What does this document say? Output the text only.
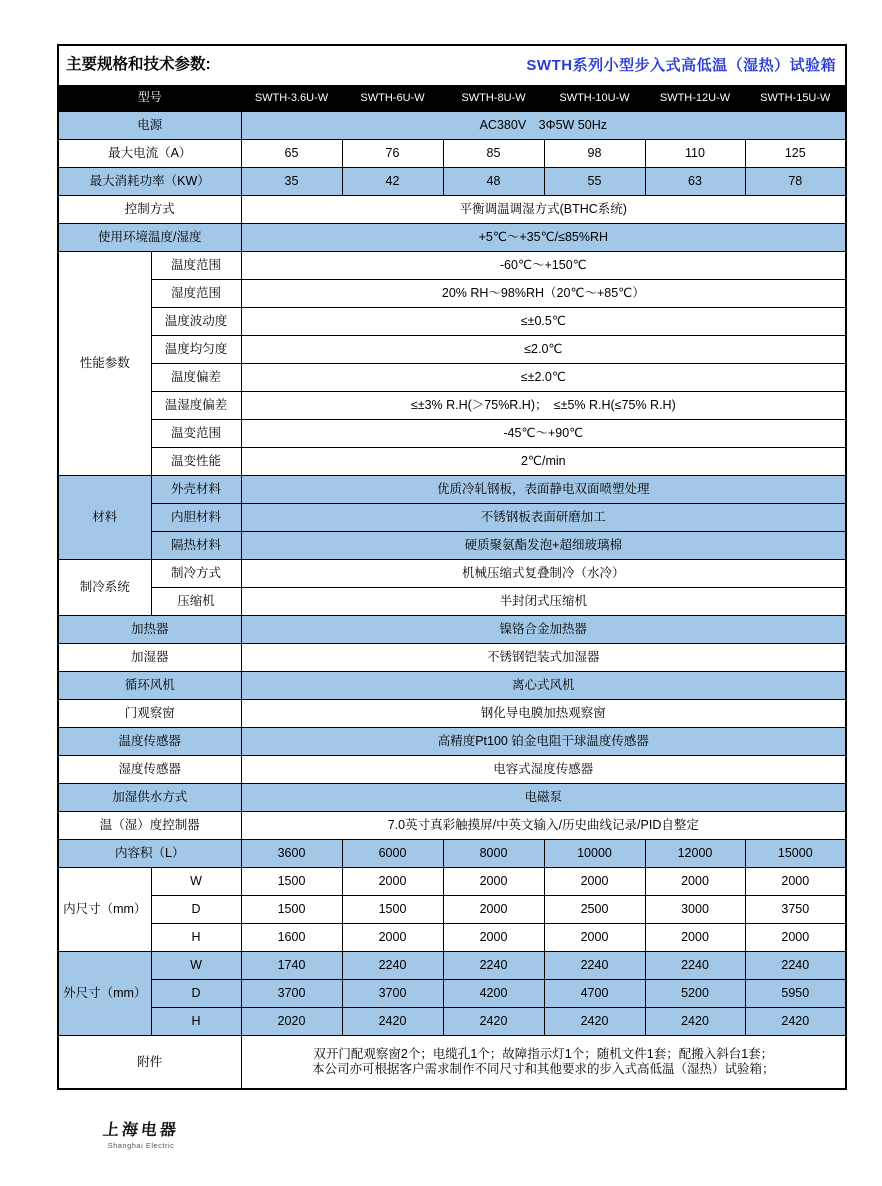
主要规格和技术参数: SWTH系列小型步入式高低温（湿热）试验箱							

型号		SWTH-3.6U-W	SWTH-6U-W	SWTH-8U-W	SWTH-10U-W	SWTH-12U-W	SWTH-15U-W
电源		AC380V　3Φ5W 50Hz					
最大电流（A）		65	76	85	98	110	125
最大消耗功率（KW）		35	42	48	55	63	78
控制方式		平衡调温调湿方式(BTHC系统)					
使用环境温度/湿度		+5℃～+35℃/≤85%RH					
性能参数	温度范围	-60℃～+150℃					
	湿度范围	20% RH～98%RH（20℃～+85℃）					
	温度波动度	≤±0.5℃					
	温度均匀度	≤2.0℃					
	温度偏差	≤±2.0℃					
	温湿度偏差	≤±3% R.H(＞75%R.H)；　≤±5% R.H(≤75% R.H)					
	温变范围	-45℃～+90℃					
	温变性能	2℃/min					
材料	外壳材料	优质冷轧钢板，表面静电双面喷塑处理					
	内胆材料	不锈钢板表面研磨加工					
	隔热材料	硬质聚氨酯发泡+超细玻璃棉					
制冷系统	制冷方式	机械压缩式复叠制冷（水冷）					
	压缩机	半封闭式压缩机					
加热器		镍铬合金加热器					
加湿器		不锈钢铠装式加湿器					
循环风机		离心式风机					
门观察窗		钢化导电膜加热观察窗					
温度传感器		高精度Pt100 铂金电阻干球温度传感器					
湿度传感器		电容式湿度传感器					
加湿供水方式		电磁泵					
温（湿）度控制器		7.0英寸真彩触摸屏/中英文输入/历史曲线记录/PID自整定					
内容积（L）		3600	6000	8000	10000	12000	15000
内尺寸（mm）	W	1500	2000	2000	2000	2000	2000
	D	1500	1500	2000	2500	3000	3750
	H	1600	2000	2000	2000	2000	2000
外尺寸（mm）	W	1740	2240	2240	2240	2240	2240
	D	3700	3700	4200	4700	5200	5950
	H	2020	2420	2420	2420	2420	2420
附件		双开门配观察窗2个；电缆孔1个；故障指示灯1个；随机文件1套；配搬入斜台1套；
本公司亦可根据客户需求制作不同尺寸和其他要求的步入式高低温（湿热）试验箱；					
上海电器
Shanghai Electric
